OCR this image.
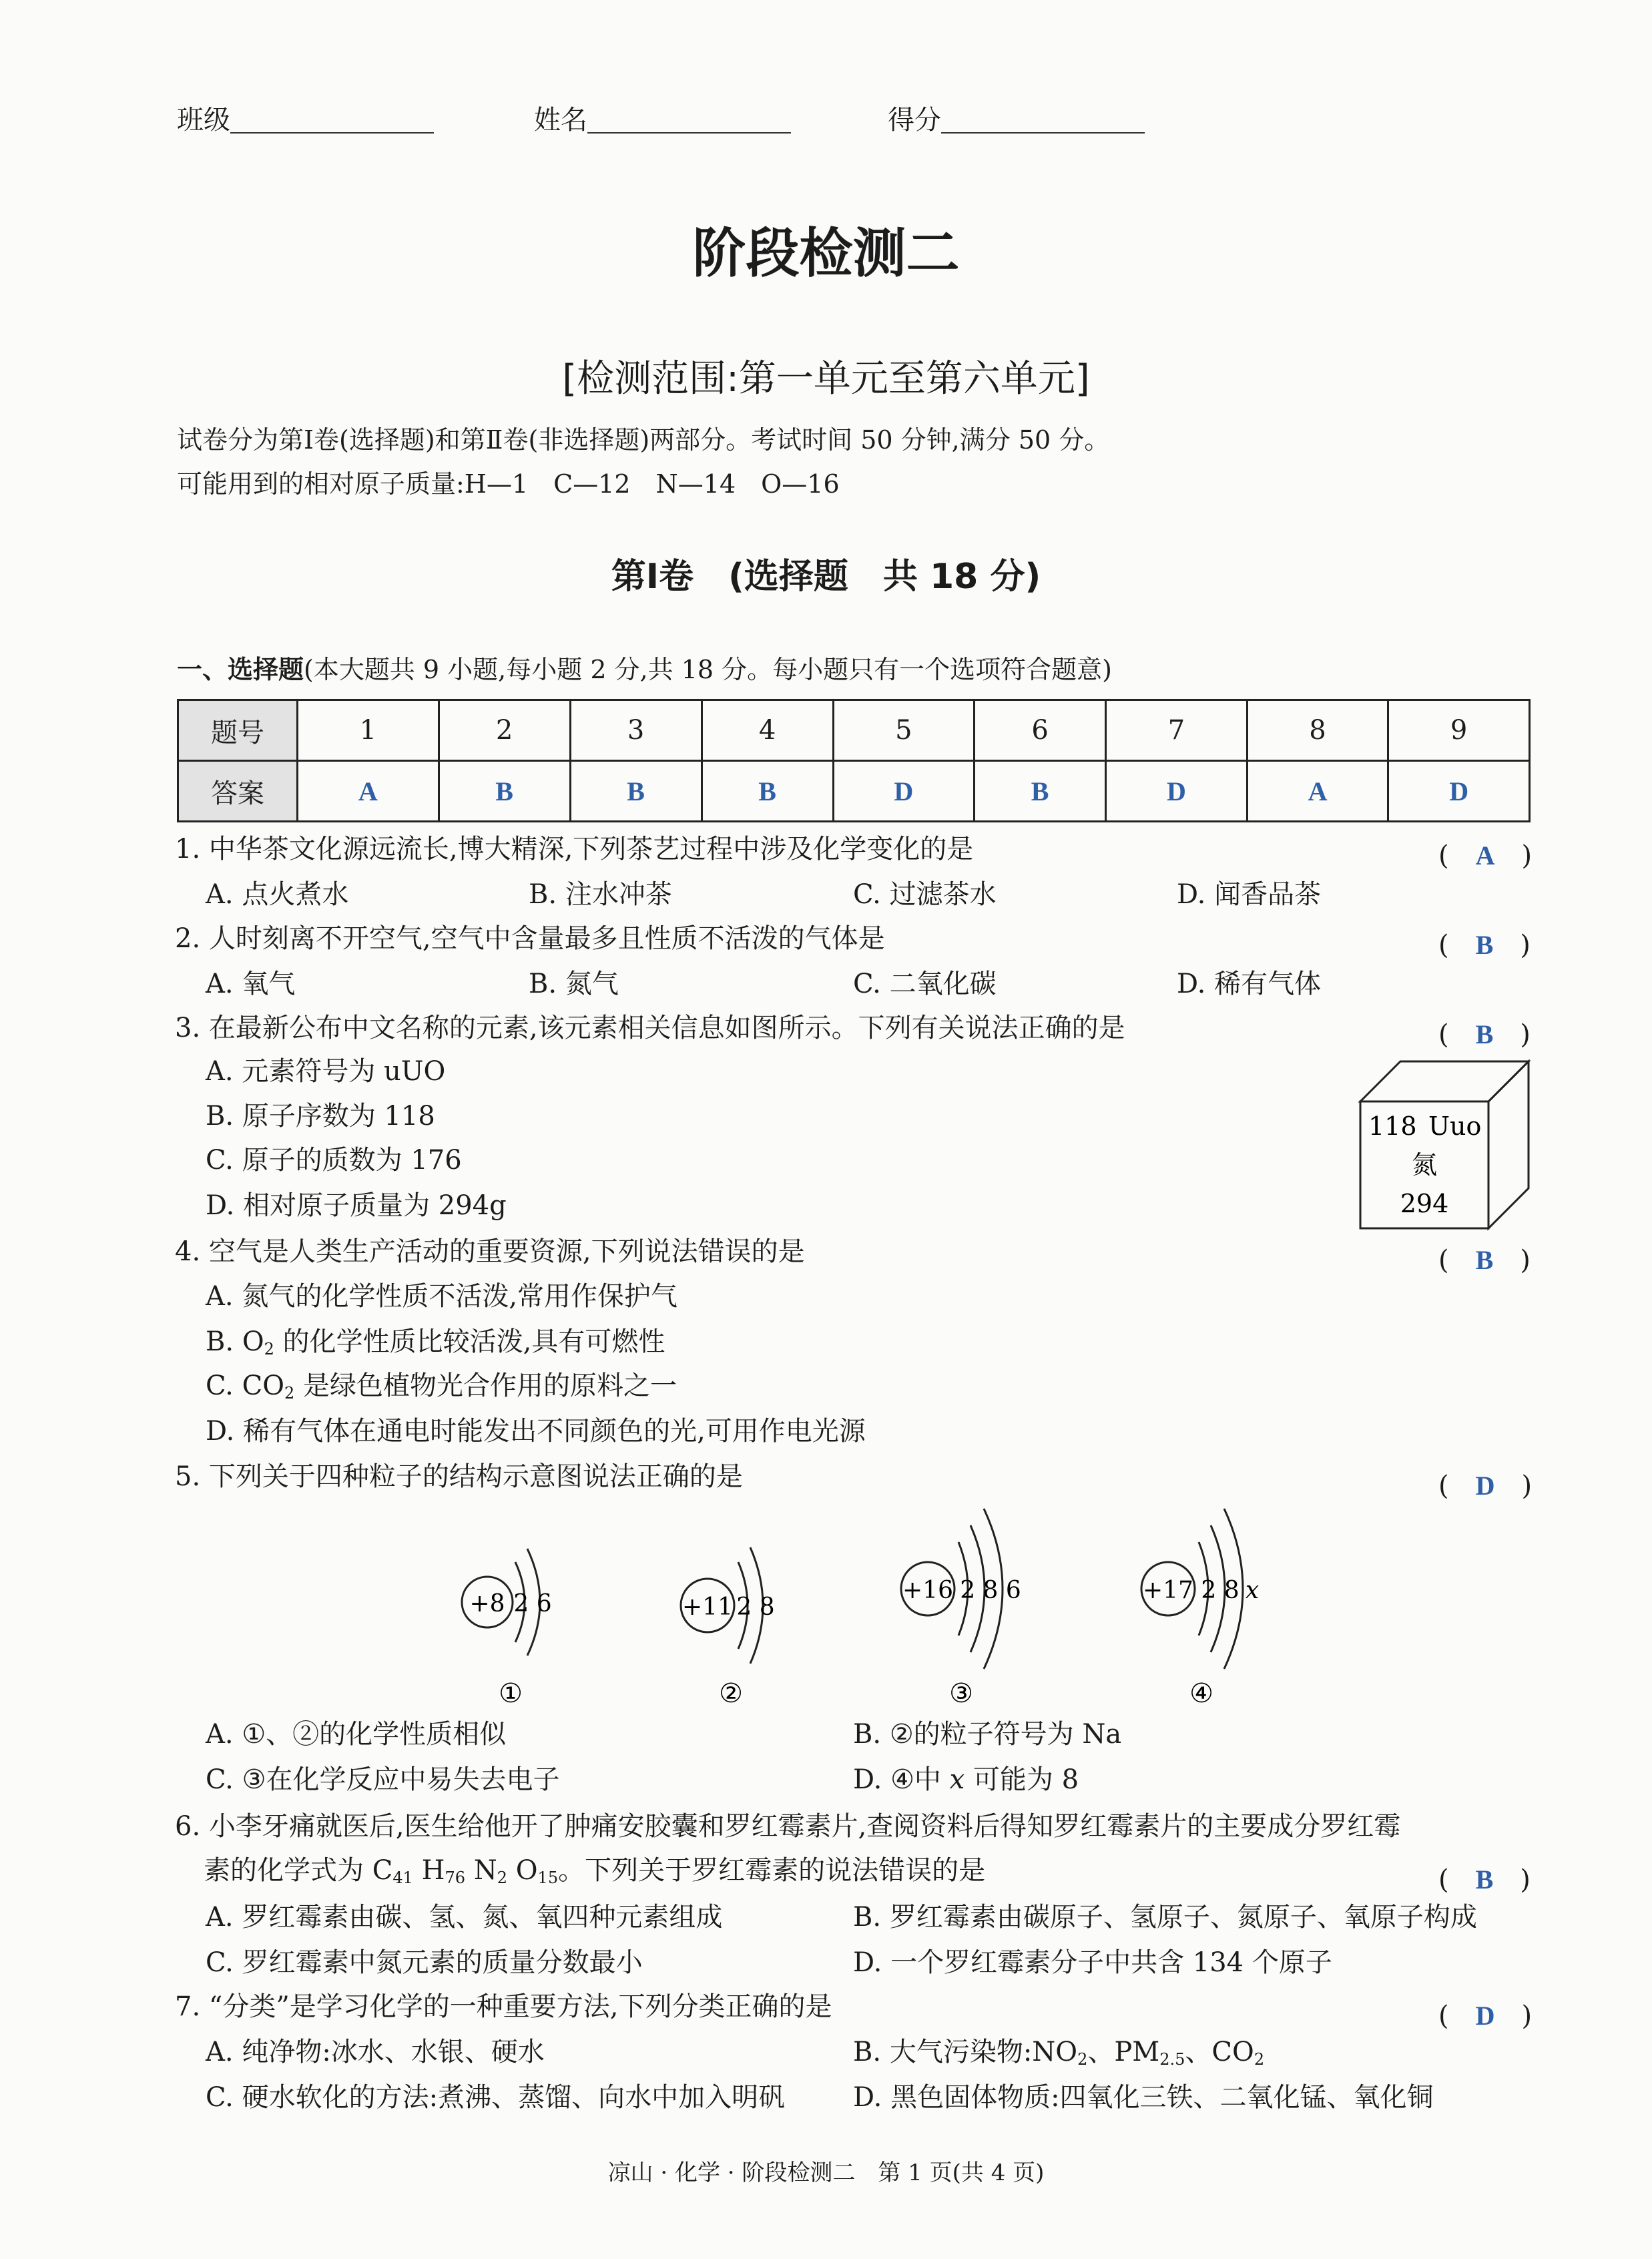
班级	姓名	得分
阶段检测二
[检测范围:第一单元至第六单元]
试卷分为第Ⅰ卷(选择题)和第Ⅱ卷(非选择题)两部分。考试时间 50 分钟,满分 50 分。
可能用到的相对原子质量:H—1　C—12　N—14　O—16
第Ⅰ卷　(选择题　共 18 分)
一、选择题(本大题共 9 小题,每小题 2 分,共 18 分。每小题只有一个选项符合题意)
题号	1	2	3	4	5	6	7	8	9
答案	A	B	B	B	D	B	D	A	D
1. 中华茶文化源远流长,博大精深,下列茶艺过程中涉及化学变化的是	(　A　)
A. 点火煮水	B. 注水冲茶	C. 过滤茶水	D. 闻香品茶
2. 人时刻离不开空气,空气中含量最多且性质不活泼的气体是	(　B　)
A. 氧气	B. 氮气	C. 二氧化碳	D. 稀有气体
3. 在最新公布中文名称的元素,该元素相关信息如图所示。下列有关说法正确的是	(　B　)
A. 元素符号为 uUO
B. 原子序数为 118
C. 原子的质数为 176
D. 相对原子质量为 294g
118 Uuo
氮
294
4. 空气是人类生产活动的重要资源,下列说法错误的是	(　B　)
A. 氮气的化学性质不活泼,常用作保护气
B. $O_2$ 的化学性质比较活泼,具有可燃性
C. $CO_2$ 是绿色植物光合作用的原料之一
D. 稀有气体在通电时能发出不同颜色的光,可用作电光源
5. 下列关于四种粒子的结构示意图说法正确的是	(　D　)
+8 2 6	+11 2 8
+16 2 8 6	+17 2 8 x
①	②	③	④
A. ①、②的化学性质相似	B. ②的粒子符号为 Na
C. ③在化学反应中易失去电子	D. ④中 x 可能为 8
6. 小李牙痛就医后,医生给他开了肿痛安胶囊和罗红霉素片,查阅资料后得知罗红霉素片的主要成分罗红霉
素的化学式为 $C_{41}$ $H_{76}$ $N_2$ $O_{15}$。下列关于罗红霉素的说法错误的是	(　B　)
A. 罗红霉素由碳、氢、氮、氧四种元素组成	B. 罗红霉素由碳原子、氢原子、氮原子、氧原子构成
C. 罗红霉素中氮元素的质量分数最小	D. 一个罗红霉素分子中共含 134 个原子
7. “分类”是学习化学的一种重要方法,下列分类正确的是	(　D　)
A. 纯净物:冰水、水银、硬水	B. 大气污染物$:NO_2$、$PM_{2.5}$、$CO_2$
C. 硬水软化的方法:煮沸、蒸馏、向水中加入明矾	D. 黑色固体物质:四氧化三铁、二氧化锰、氧化铜
凉山 · 化学 · 阶段检测二　第 1 页(共 4 页)
